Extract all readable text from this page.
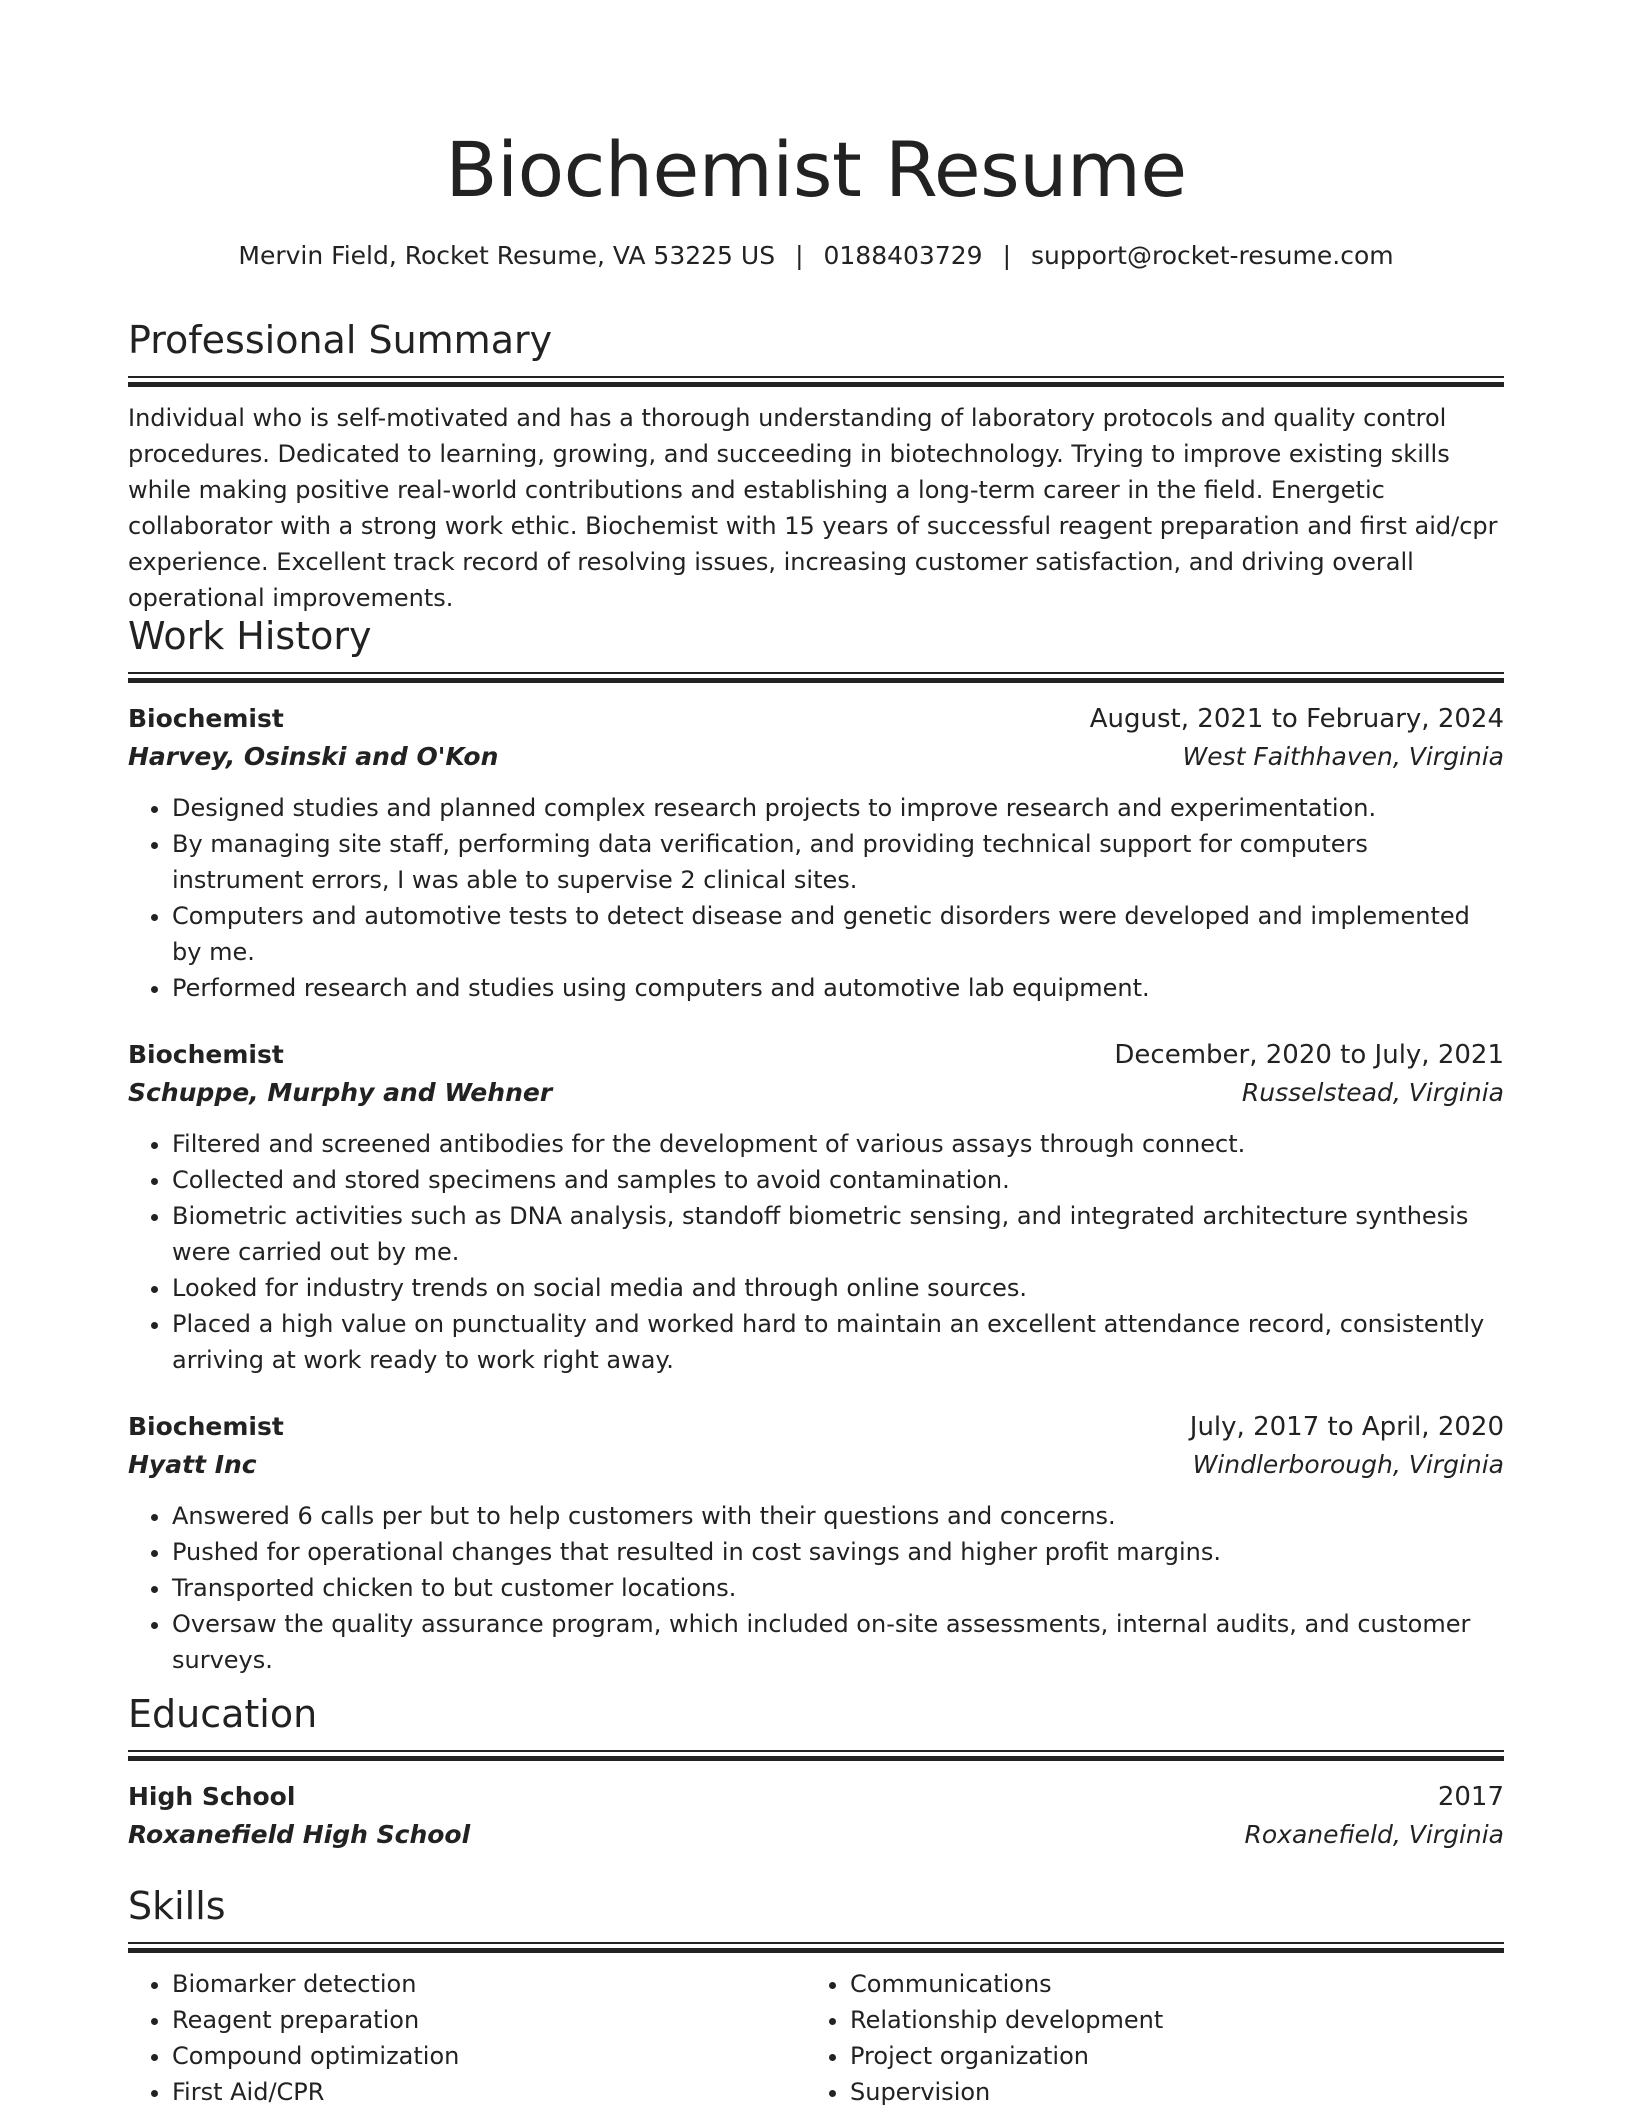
Biochemist Resume
Mervin Field, Rocket Resume, VA 53225 US | 0188403729 | support@rocket-resume.com
Professional Summary

Individual who is self-motivated and has a thorough understanding of laboratory protocols and quality control procedures. Dedicated to learning, growing, and succeeding in biotechnology. Trying to improve existing skills while making positive real-world contributions and establishing a long-term career in the field. Energetic collaborator with a strong work ethic. Biochemist with 15 years of successful reagent preparation and first aid/cpr experience. Excellent track record of resolving issues, increasing customer satisfaction, and driving overall operational improvements.

Work History
Biochemist	August, 2021 to February, 2024
Harvey, Osinski and O'Kon	West Faithhaven, Virginia
• Designed studies and planned complex research projects to improve research and experimentation.
• By managing site staff, performing data verification, and providing technical support for computers instrument errors, I was able to supervise 2 clinical sites.
• Computers and automotive tests to detect disease and genetic disorders were developed and implemented by me.
• Performed research and studies using computers and automotive lab equipment.
Biochemist	December, 2020 to July, 2021
Schuppe, Murphy and Wehner	Russelstead, Virginia
• Filtered and screened antibodies for the development of various assays through connect.
• Collected and stored specimens and samples to avoid contamination.
• Biometric activities such as DNA analysis, standoff biometric sensing, and integrated architecture synthesis were carried out by me.
• Looked for industry trends on social media and through online sources.
• Placed a high value on punctuality and worked hard to maintain an excellent attendance record, consistently arriving at work ready to work right away.
Biochemist	July, 2017 to April, 2020
Hyatt Inc	Windlerborough, Virginia
• Answered 6 calls per but to help customers with their questions and concerns.
• Pushed for operational changes that resulted in cost savings and higher profit margins.
• Transported chicken to but customer locations.
• Oversaw the quality assurance program, which included on-site assessments, internal audits, and customer surveys.
Education
High School	2017
Roxanefield High School	Roxanefield, Virginia
Skills
• Biomarker detection
• Reagent preparation
• Compound optimization
• First Aid/CPR
• Communications
• Relationship development
• Project organization
• Supervision
